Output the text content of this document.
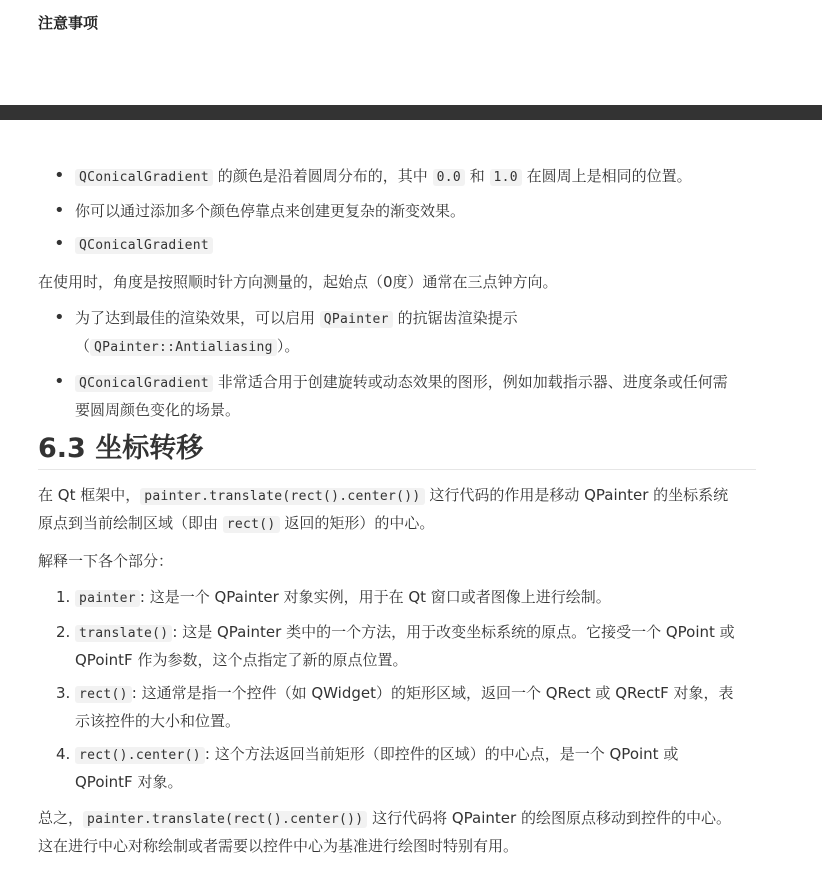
注意事项
• QConicalGradient 的颜色是沿着圆周分布的，其中 0.0 和 1.0 在圆周上是相同的位置。
• 你可以通过添加多个颜色停靠点来创建更复杂的渐变效果。
• QConicalGradient

在使用时，角度是按照顺时针方向测量的，起始点（0度）通常在三点钟方向。

• 为了达到最佳的渲染效果，可以启用 QPainter 的抗锯齿渲染提示
（ QPainter::Antialiasing ）。
• QConicalGradient 非常适合用于创建旋转或动态效果的图形，例如加载指示器、进度条或任何需
要圆周颜色变化的场景。
6.3 坐标转移

在 Qt 框架中， painter.translate(rect().center()) 这行代码的作用是移动 QPainter 的坐标系统
原点到当前绘制区域（即由 rect() 返回的矩形）的中心。

解释一下各个部分：

1. painter : 这是一个 QPainter 对象实例，用于在 Qt 窗口或者图像上进行绘制。
2. translate() : 这是 QPainter 类中的一个方法，用于改变坐标系统的原点。它接受一个 QPoint 或
QPointF 作为参数，这个点指定了新的原点位置。
3. rect() : 这通常是指一个控件（如 QWidget）的矩形区域，返回一个 QRect 或 QRectF 对象，表
示该控件的大小和位置。
4. rect().center() : 这个方法返回当前矩形（即控件的区域）的中心点，是一个 QPoint 或
QPointF 对象。

总之， painter.translate(rect().center()) 这行代码将 QPainter 的绘图原点移动到控件的中心。
这在进行中心对称绘制或者需要以控件中心为基准进行绘图时特别有用。
